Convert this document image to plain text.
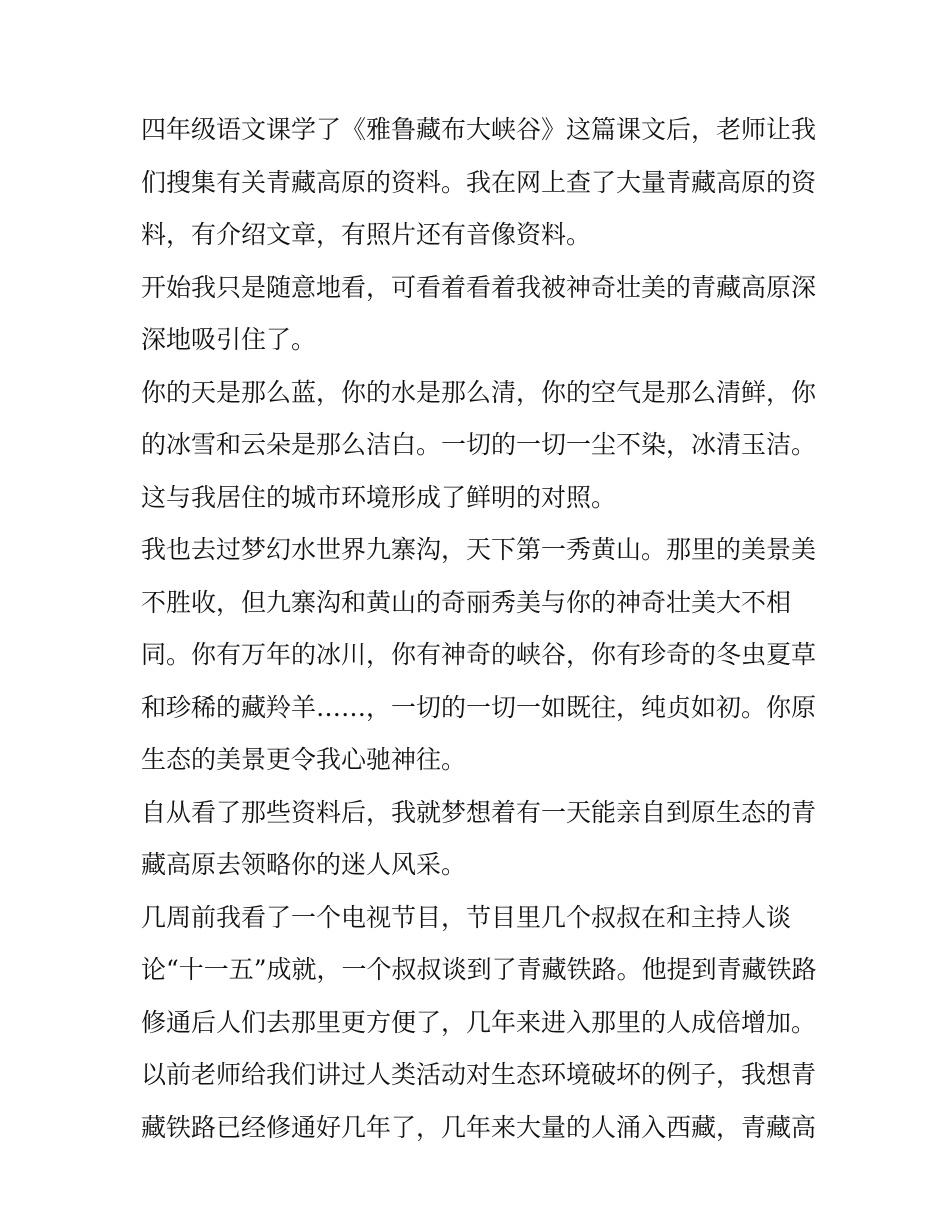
四年级语文课学了《雅鲁藏布大峡谷》这篇课文后，老师让我
们搜集有关青藏高原的资料。我在网上查了大量青藏高原的资
料，有介绍文章，有照片还有音像资料。

开始我只是随意地看，可看着看着我被神奇壮美的青藏高原深
深地吸引住了。

你的天是那么蓝，你的水是那么清，你的空气是那么清鲜，你
的冰雪和云朵是那么洁白。一切的一切一尘不染，冰清玉洁。
这与我居住的城市环境形成了鲜明的对照。

我也去过梦幻水世界九寨沟，天下第一秀黄山。那里的美景美
不胜收，但九寨沟和黄山的奇丽秀美与你的神奇壮美大不相
同。你有万年的冰川，你有神奇的峡谷，你有珍奇的冬虫夏草
和珍稀的藏羚羊……，一切的一切一如既往，纯贞如初。你原
生态的美景更令我心驰神往。

自从看了那些资料后，我就梦想着有一天能亲自到原生态的青
藏高原去领略你的迷人风采。

几周前我看了一个电视节目，节目里几个叔叔在和主持人谈
论“十一五”成就，一个叔叔谈到了青藏铁路。他提到青藏铁路
修通后人们去那里更方便了，几年来进入那里的人成倍增加。
以前老师给我们讲过人类活动对生态环境破坏的例子，我想青
藏铁路已经修通好几年了，几年来大量的人涌入西藏，青藏高
